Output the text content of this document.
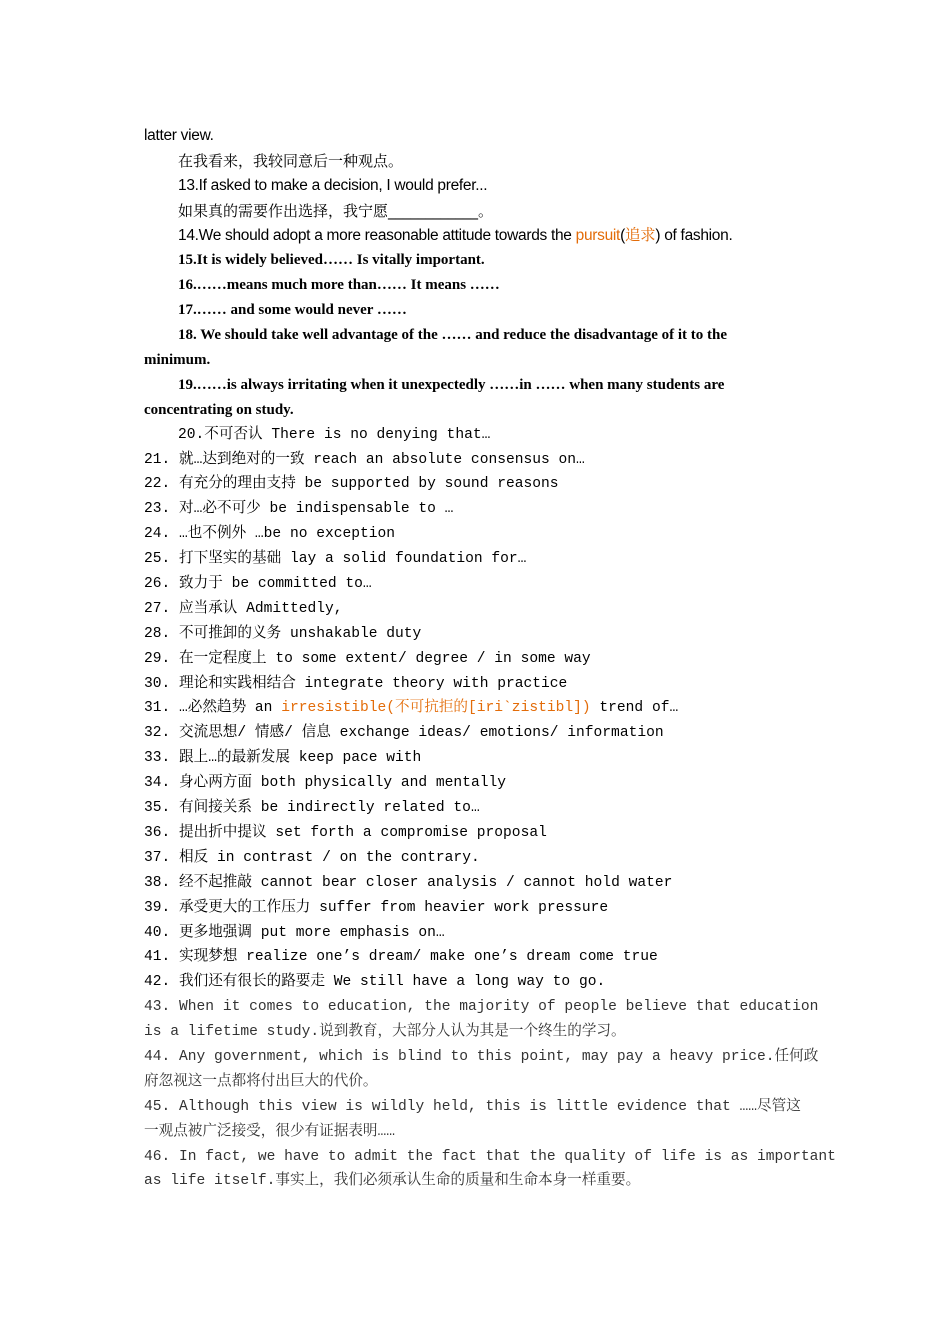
latter view.
在我看来，我较同意后一种观点。
13.If asked to make a decision, I would prefer...
如果真的需要作出选择，我宁愿____________。
14.We should adopt a more reasonable attitude towards the pursuit(追求) of fashion.
15.It is widely believed…… Is vitally important.
16.……means much more than…… It means ……
17.…… and some would never ……
18. We should take well advantage of the …… and reduce the disadvantage of it to the
minimum.
19.……is always irritating when it unexpectedly ……in …… when many students are
concentrating on study.
20.不可否认 There is no denying that…
21. 就…达到绝对的一致 reach an absolute consensus on…
22. 有充分的理由支持 be supported by sound reasons
23. 对…必不可少 be indispensable to …
24. …也不例外 …be no exception
25. 打下坚实的基础 lay a solid foundation for…
26. 致力于 be committed to…
27. 应当承认 Admittedly,
28. 不可推卸的义务 unshakable duty
29. 在一定程度上 to some extent/ degree / in some way
30. 理论和实践相结合 integrate theory with practice
31. …必然趋势 an irresistible(不可抗拒的[iri`zistibl]) trend of…
32. 交流思想/ 情感/ 信息 exchange ideas/ emotions/ information
33. 跟上…的最新发展 keep pace with
34. 身心两方面 both physically and mentally
35. 有间接关系 be indirectly related to…
36. 提出折中提议 set forth a compromise proposal
37. 相反 in contrast / on the contrary.
38. 经不起推敲 cannot bear closer analysis / cannot hold water
39. 承受更大的工作压力 suffer from heavier work pressure
40. 更多地强调 put more emphasis on…
41. 实现梦想 realize one’s dream/ make one’s dream come true
42. 我们还有很长的路要走 We still have a long way to go.
43. When it comes to education, the majority of people believe that education
is a lifetime study.说到教育，大部分人认为其是一个终生的学习。
44. Any government, which is blind to this point, may pay a heavy price.任何政
府忽视这一点都将付出巨大的代价。
45. Although this view is wildly held, this is little evidence that ……尽管这
一观点被广泛接受，很少有证据表明……
46. In fact, we have to admit the fact that the quality of life is as important
as life itself.事实上，我们必须承认生命的质量和生命本身一样重要。
